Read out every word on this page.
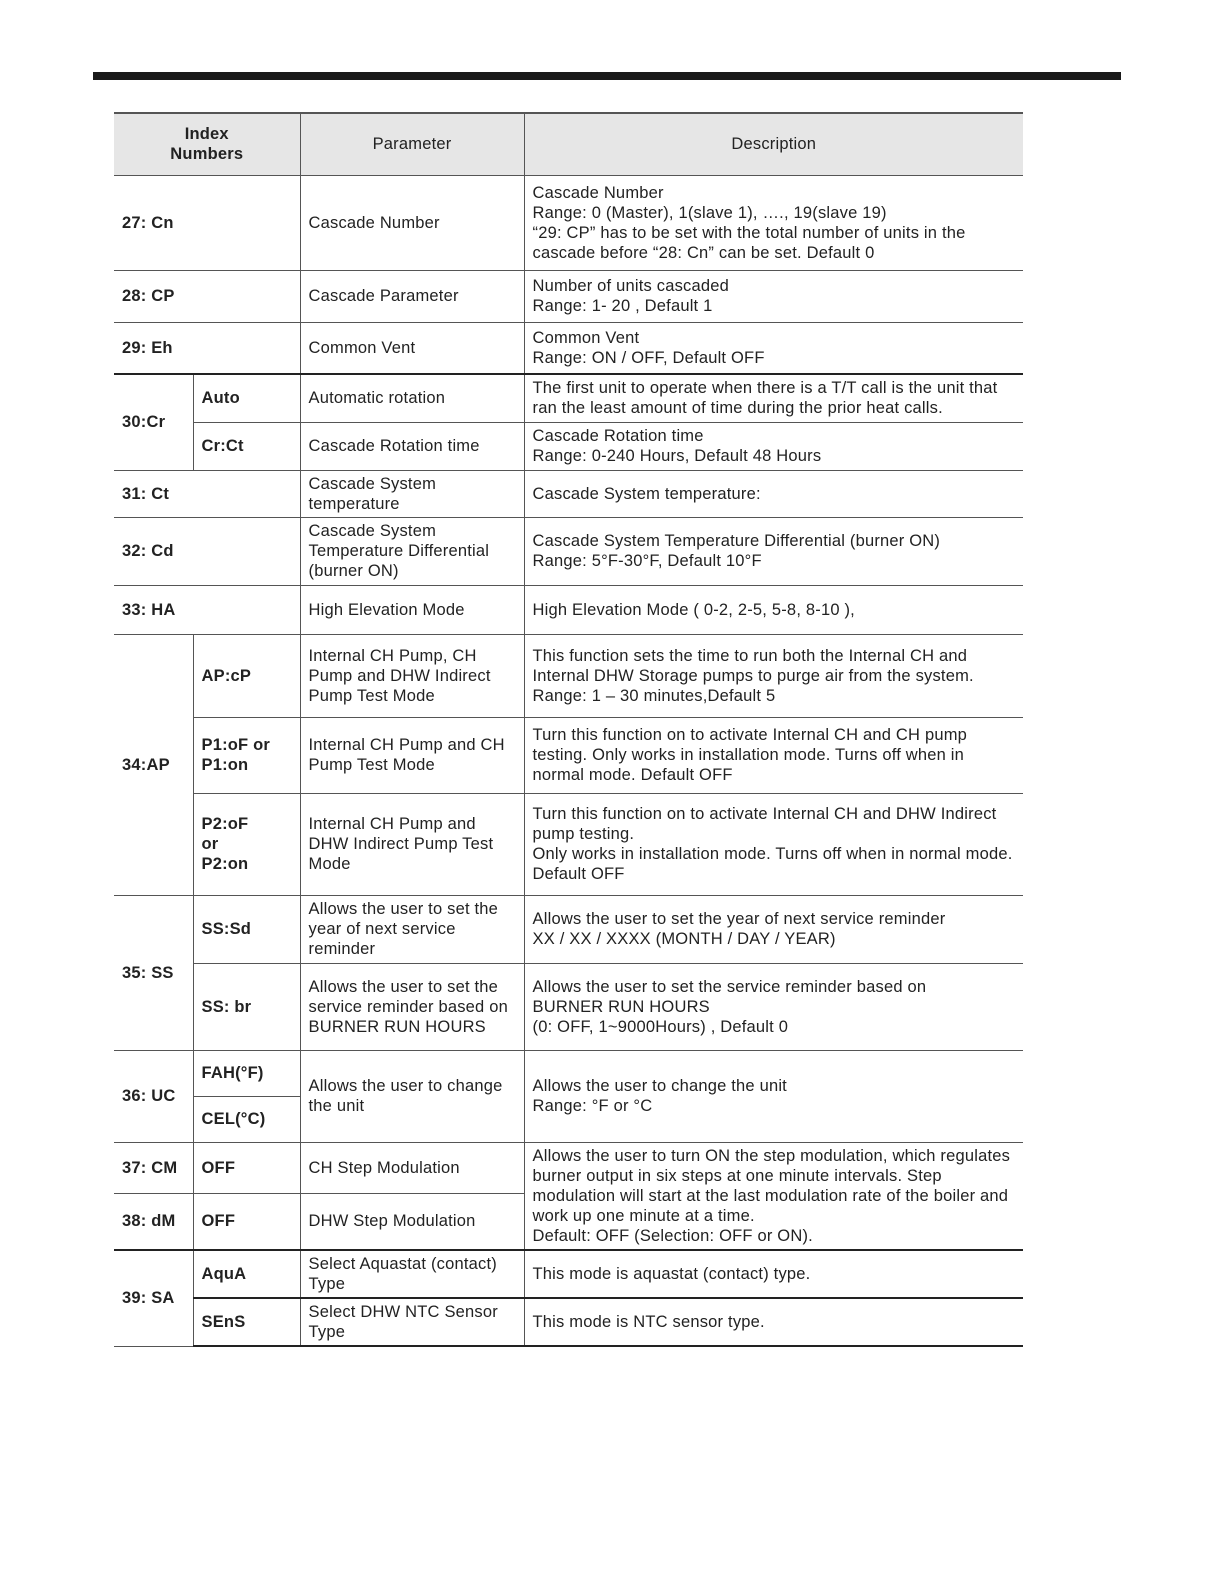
Index
Numbers		Parameter	Description
27: Cn		Cascade Number	Cascade Number
Range: 0 (Master), 1(slave 1), …., 19(slave 19)
“29: CP” has to be set with the total number of units in the cascade before “28: Cn” can be set. Default 0

28: CP		Cascade Parameter	Number of units cascaded
Range: 1- 20 , Default 1

29: Eh		Common Vent	Common Vent
Range: ON / OFF, Default OFF

30:Cr	Auto	Automatic rotation	The first unit to operate when there is a T/T call is the unit that ran the least amount of time during the prior heat calls.
	Cr:Ct	Cascade Rotation time	Cascade Rotation time
Range: 0-240 Hours, Default 48 Hours

31: Ct		Cascade System temperature	Cascade System temperature:
32: Cd		Cascade System Temperature Differential (burner ON)	Cascade System Temperature Differential (burner ON)
Range: 5°F-30°F, Default 10°F

33: HA		High Elevation Mode	High Elevation Mode ( 0-2, 2-5, 5-8, 8-10 ),
34:AP	AP:cP	Internal CH Pump, CH Pump and DHW Indirect Pump Test Mode	This function sets the time to run both the Internal CH and Internal DHW Storage pumps to purge air from the system. Range: 1 – 30 minutes,Default 5

	P1:oF or
P1:on	Internal CH Pump and CH Pump Test Mode	Turn this function on to activate Internal CH and CH pump testing. Only works in installation mode. Turns off when in normal mode. Default OFF

	P2:oF
or
P2:on	Internal CH Pump and DHW Indirect Pump Test Mode	Turn this function on to activate Internal CH and DHW Indirect pump testing.
Only works in installation mode. Turns off when in normal mode. Default OFF

35: SS	SS:Sd	Allows the user to set the year of next service reminder	Allows the user to set the year of next service reminder
XX / XX / XXXX (MONTH / DAY / YEAR)

	SS: br	Allows the user to set the service reminder based on BURNER RUN HOURS	Allows the user to set the service reminder based on
BURNER RUN HOURS
(0: OFF, 1~9000Hours) , Default 0

36: UC	FAH(°F)	Allows the user to change the unit	Allows the user to change the unit
Range: °F or °C

	CEL(°C)		
37: CM	OFF	CH Step Modulation	Allows the user to turn ON the step modulation, which regulates burner output in six steps at one minute intervals. Step modulation will start at the last modulation rate of the boiler and work up one minute at a time.
Default: OFF (Selection: OFF or ON).

38: dM	OFF	DHW Step Modulation	
39: SA	AquA	Select Aquastat (contact) Type	This mode is aquastat (contact) type.
	SEnS	Select DHW NTC Sensor Type	This mode is NTC sensor type.
